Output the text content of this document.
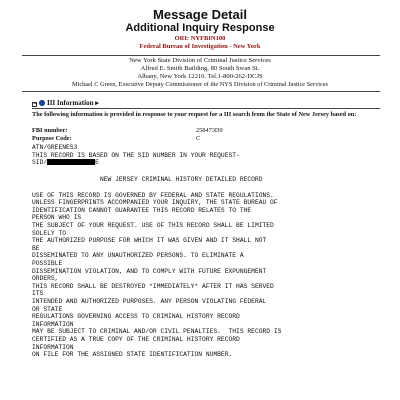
Message Detail
Additional Inquiry Response
ORI: NYFBIN100
Federal Bureau of Investigation - New York
New York State Division of Criminal Justice Services
Alfred E. Smith Building, 80 South Swan St.
Albany, New York 12210. Tel.1-800-262-DCJS
Michael C Green, Executive Deputy Commissioner of the NYS Division of Criminal Justice Services
− III Information ▸
The following information is provided in response to your request for a III search from the State of New Jersey based on:
FBI number:	258473D9
Purpose Code:	C
ATN/GREENES3
THIS RECORD IS BASED ON THE SID NUMBER IN YOUR REQUEST-
SID/	E
NEW JERSEY CRIMINAL HISTORY DETAILED RECORD
USE OF THIS RECORD IS GOVERNED BY FEDERAL AND STATE REGULATIONS.
UNLESS FINGERPRINTS ACCOMPANIED YOUR INQUIRY, THE STATE BUREAU OF
IDENTIFICATION CANNOT GUARANTEE THIS RECORD RELATES TO THE
PERSON WHO IS
THE SUBJECT OF YOUR REQUEST. USE OF THIS RECORD SHALL BE LIMITED
SOLELY TO
THE AUTHORIZED PURPOSE FOR WHICH IT WAS GIVEN AND IT SHALL NOT
BE
DISSEMINATED TO ANY UNAUTHORIZED PERSONS. TO ELIMINATE A
POSSIBLE
DISSEMINATION VIOLATION, AND TO COMPLY WITH FUTURE EXPUNGEMENT
ORDERS,
THIS RECORD SHALL BE DESTROYED *IMMEDIATELY* AFTER IT HAS SERVED
ITS
INTENDED AND AUTHORIZED PURPOSES. ANY PERSON VIOLATING FEDERAL
OR STATE
REGULATIONS GOVERNING ACCESS TO CRIMINAL HISTORY RECORD
INFORMATION
MAY BE SUBJECT TO CRIMINAL AND/OR CIVIL PENALTIES.  THIS RECORD IS
CERTIFIED AS A TRUE COPY OF THE CRIMINAL HISTORY RECORD
INFORMATION
ON FILE FOR THE ASSIGNED STATE IDENTIFICATION NUMBER.
